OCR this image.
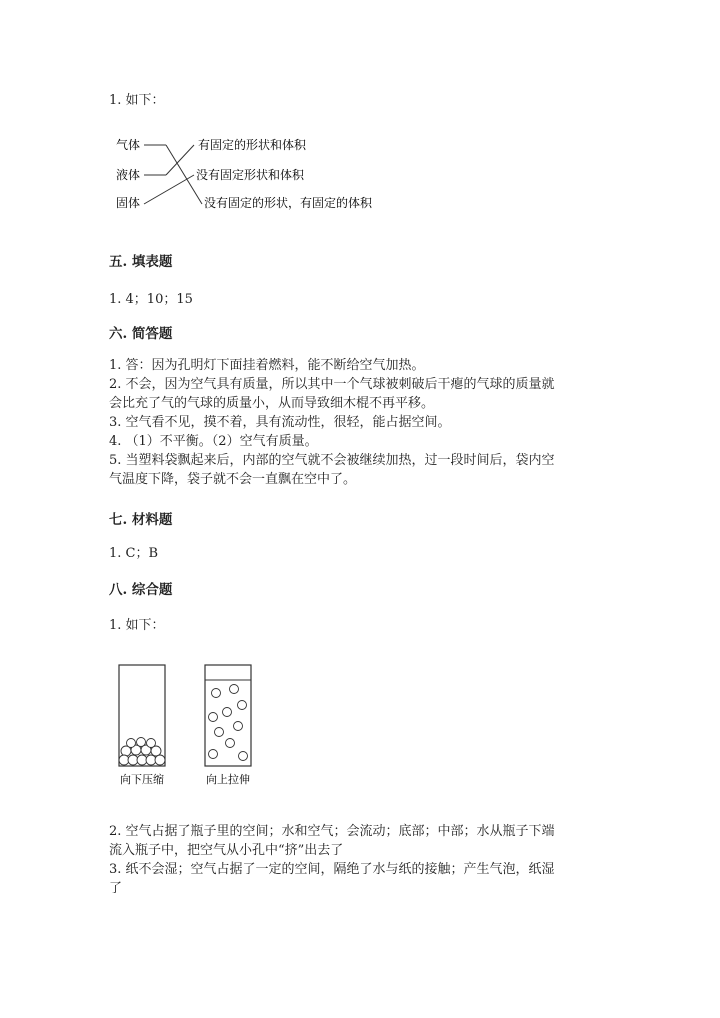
1. 如下：
气体
液体
固体
有固定的形状和体积
没有固定形状和体积
没有固定的形状，有固定的体积
五. 填表题
1. 4；10；15
六. 简答题
1. 答：因为孔明灯下面挂着燃料，能不断给空气加热。
2. 不会，因为空气具有质量，所以其中一个气球被刺破后干瘪的气球的质量就
会比充了气的气球的质量小，从而导致细木棍不再平移。
3. 空气看不见，摸不着，具有流动性，很轻，能占据空间。
4. （1）不平衡。（2）空气有质量。
5. 当塑料袋飘起来后，内部的空气就不会被继续加热，过一段时间后，袋内空
气温度下降，袋子就不会一直飘在空中了。
七. 材料题
1. C；B
八. 综合题
1. 如下：
向下压缩	向上拉伸
2. 空气占据了瓶子里的空间；水和空气；会流动；底部；中部；水从瓶子下端
流入瓶子中，把空气从小孔中“挤”出去了
3. 纸不会湿；空气占据了一定的空间，隔绝了水与纸的接触；产生气泡，纸湿
了
